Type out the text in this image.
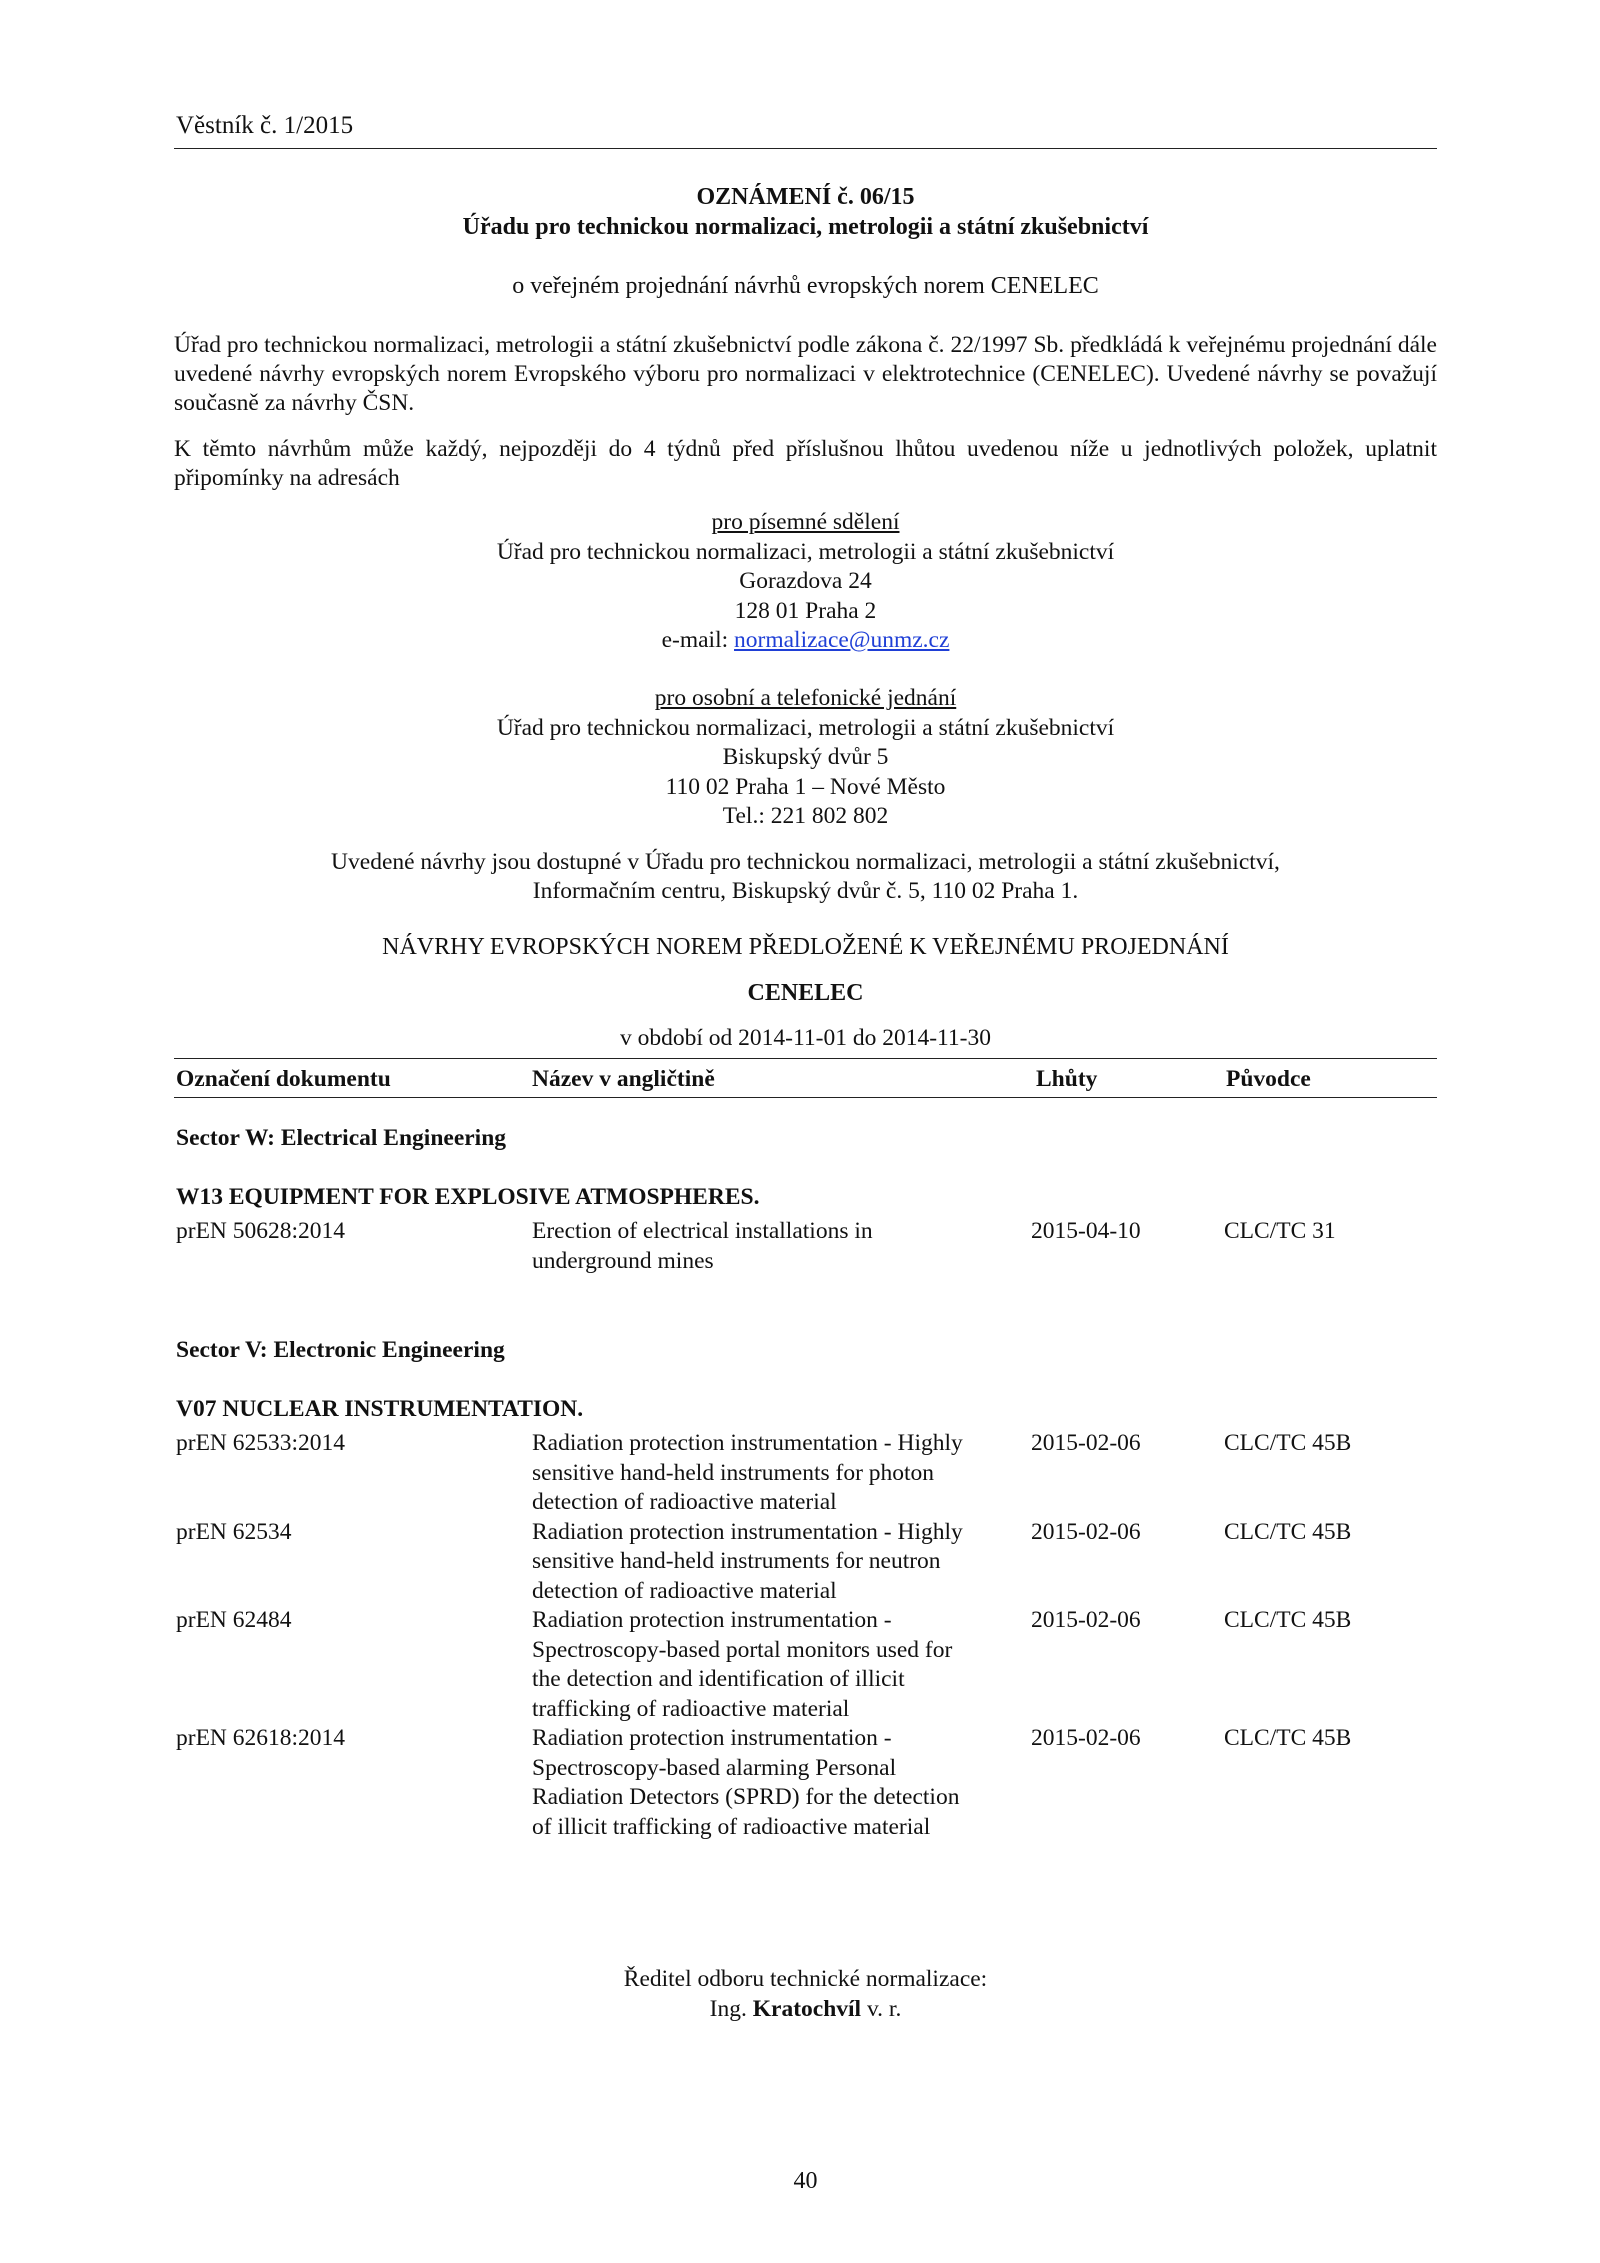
Věstník č. 1/2015
OZNÁMENÍ č. 06/15
Úřadu pro technickou normalizaci, metrologii a státní zkušebnictví
o veřejném projednání návrhů evropských norem CENELEC
Úřad pro technickou normalizaci, metrologii a státní zkušebnictví podle zákona č. 22/1997 Sb. předkládá k veřejnému projednání dále uvedené návrhy evropských norem Evropského výboru pro normalizaci v elektrotechnice (CENELEC). Uvedené návrhy se považují současně za návrhy ČSN.
K těmto návrhům může každý, nejpozději do 4 týdnů před příslušnou lhůtou uvedenou níže u jednotlivých položek, uplatnit připomínky na adresách
pro písemné sdělení
Úřad pro technickou normalizaci, metrologii a státní zkušebnictví
Gorazdova 24
128 01 Praha 2
e-mail: normalizace@unmz.cz
pro osobní a telefonické jednání
Úřad pro technickou normalizaci, metrologii a státní zkušebnictví
Biskupský dvůr 5
110 02 Praha 1 – Nové Město
Tel.: 221 802 802
Uvedené návrhy jsou dostupné v Úřadu pro technickou normalizaci, metrologii a státní zkušebnictví,
Informačním centru, Biskupský dvůr č. 5, 110 02 Praha 1.
NÁVRHY EVROPSKÝCH NOREM PŘEDLOŽENÉ K VEŘEJNÉMU PROJEDNÁNÍ
CENELEC
v období od 2014-11-01 do 2014-11-30
Označení dokumentu	Název v angličtině	Lhůty	Původce
Sector W: Electrical Engineering
W13 EQUIPMENT FOR EXPLOSIVE ATMOSPHERES.
prEN 50628:2014	Erection of electrical installations in
underground mines
2015-04-10	CLC/TC 31
Sector V: Electronic Engineering
V07 NUCLEAR INSTRUMENTATION.
prEN 62533:2014	Radiation protection instrumentation - Highly
sensitive hand-held instruments for photon
detection of radioactive material
2015-02-06	CLC/TC 45B
prEN 62534	Radiation protection instrumentation - Highly
sensitive hand-held instruments for neutron
detection of radioactive material
2015-02-06	CLC/TC 45B
prEN 62484	Radiation protection instrumentation -
Spectroscopy-based portal monitors used for
the detection and identification of illicit
trafficking of radioactive material
2015-02-06	CLC/TC 45B
prEN 62618:2014	Radiation protection instrumentation -
Spectroscopy-based alarming Personal
Radiation Detectors (SPRD) for the detection
of illicit trafficking of radioactive material
2015-02-06	CLC/TC 45B
Ředitel odboru technické normalizace:
Ing. Kratochvíl v. r.
40
